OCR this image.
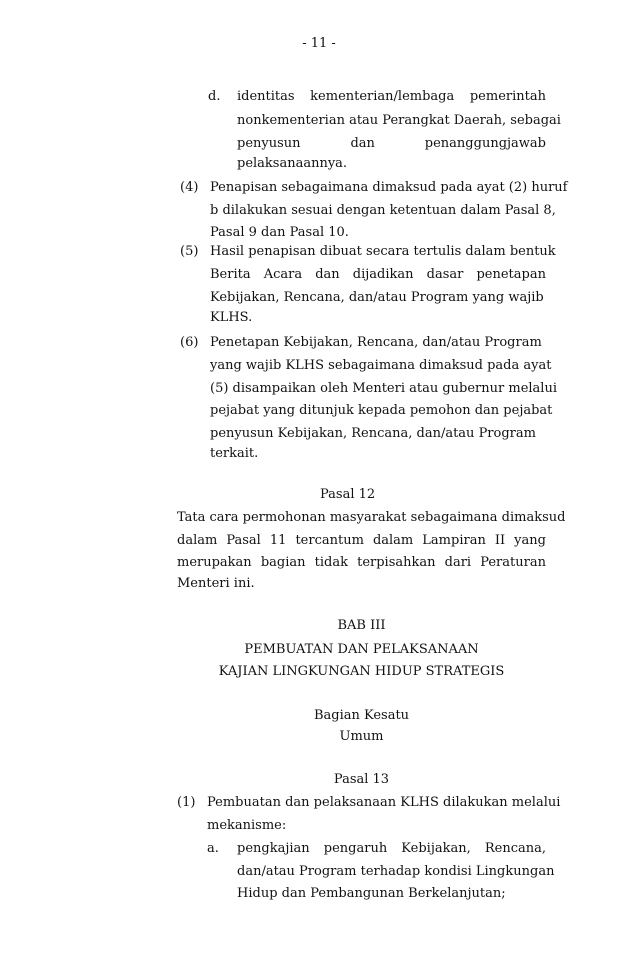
- 11 -
d. identitas kementerian/lembaga pemerintah
nonkementerian atau Perangkat Daerah, sebagai
penyusun	dan	penanggungjawab
pelaksanaannya.
(4) Penapisan sebagaimana dimaksud pada ayat (2) huruf
b dilakukan sesuai dengan ketentuan dalam Pasal 8,
Pasal 9 dan Pasal 10.
(5) Hasil penapisan dibuat secara tertulis dalam bentuk
Berita Acara dan dijadikan dasar penetapan
Kebijakan, Rencana, dan/atau Program yang wajib
KLHS.
(6) Penetapan Kebijakan, Rencana, dan/atau Program
yang wajib KLHS sebagaimana dimaksud pada ayat
(5) disampaikan oleh Menteri atau gubernur melalui
pejabat yang ditunjuk kepada pemohon dan pejabat
penyusun Kebijakan, Rencana, dan/atau Program
terkait.
Pasal 12
Tata cara permohonan masyarakat sebagaimana dimaksud
dalam Pasal 11 tercantum dalam Lampiran II yang
merupakan bagian tidak terpisahkan dari Peraturan
Menteri ini.
BAB III
PEMBUATAN DAN PELAKSANAAN
KAJIAN LINGKUNGAN HIDUP STRATEGIS
Bagian Kesatu
Umum
Pasal 13
(1) Pembuatan dan pelaksanaan KLHS dilakukan melalui
mekanisme:
a. pengkajian pengaruh Kebijakan, Rencana,
dan/atau Program terhadap kondisi Lingkungan
Hidup dan Pembangunan Berkelanjutan;
